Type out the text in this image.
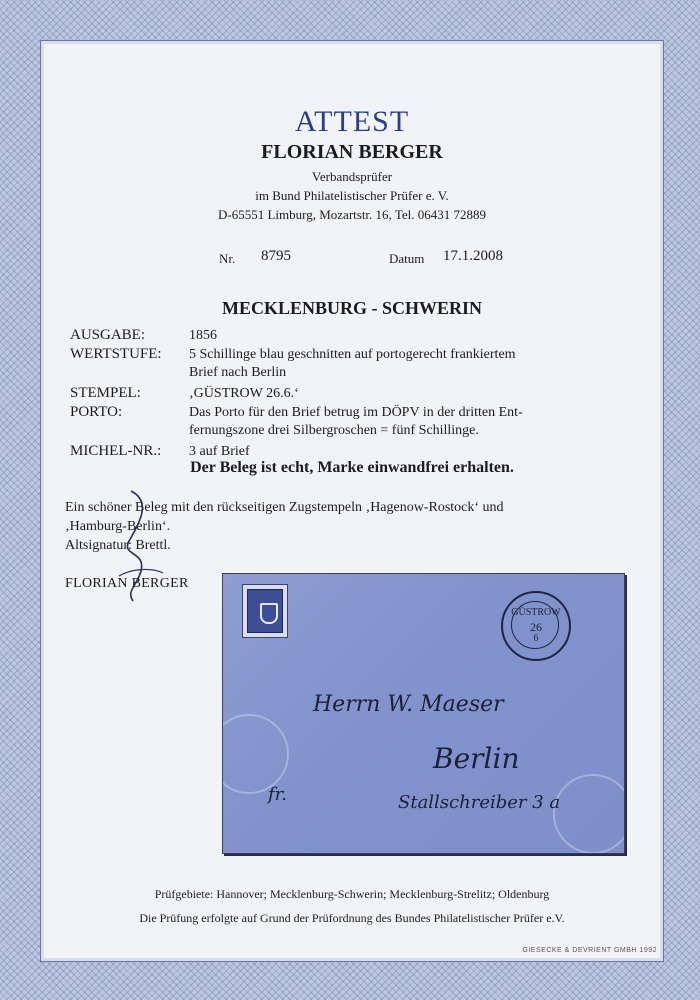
ATTEST
FLORIAN BERGER
Verbandsprüfer
im Bund Philatelistischer Prüfer e. V.
D-65551 Limburg, Mozartstr. 16, Tel. 06431 72889
Nr. 8795	Datum 17.1.2008
MECKLENBURG - SCHWERIN
AUSGABE:	1856
WERTSTUFE: 5 Schillinge blau geschnitten auf portogerecht frankiertem
Brief nach Berlin
STEMPEL:	‚GÜSTROW 26.6.‘
PORTO:	Das Porto für den Brief betrug im DÖPV in der dritten Ent-
fernungszone drei Silbergroschen = fünf Schillinge.
MICHEL-NR.: 3 auf Brief
Der Beleg ist echt, Marke einwandfrei erhalten.
Ein schöner Beleg mit den rückseitigen Zugstempeln ‚Hagenow-Rostock‘ und
‚Hamburg-Berlin‘.
Altsignatur: Brettl.
FLORIAN BERGER
GÜSTROW
26
6
Herrn W. Maeser
Berlin
Stallschreiber 3 a
fr.
Prüfgebiete: Hannover; Mecklenburg-Schwerin; Mecklenburg-Strelitz; Oldenburg
Die Prüfung erfolgte auf Grund der Prüfordnung des Bundes Philatelistischer Prüfer e.V.
GIESECKE & DEVRIENT GMBH 1992
